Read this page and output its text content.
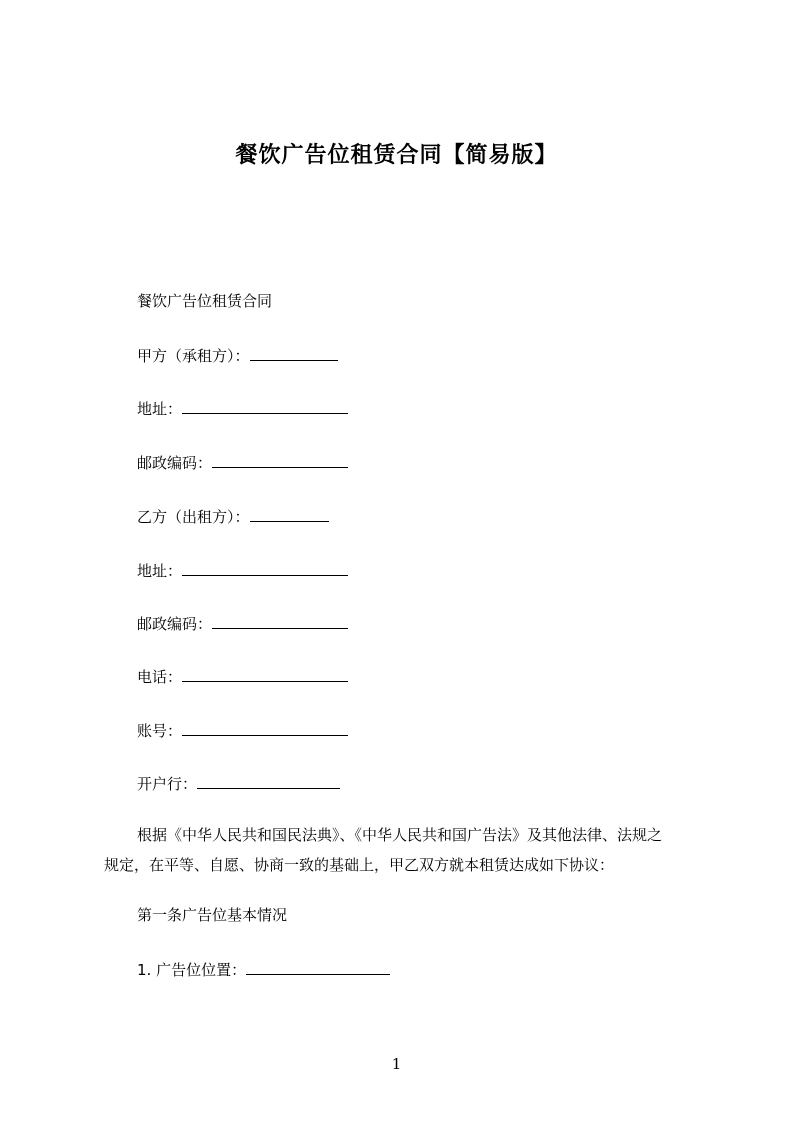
餐饮广告位租赁合同【简易版】
餐饮广告位租赁合同
甲方（承租方）：
地址：
邮政编码：
乙方（出租方）：
地址：
邮政编码：
电话：
账号：
开户行：
根据《中华人民共和国民法典》、《中华人民共和国广告法》及其他法律、法规之
规定，在平等、自愿、协商一致的基础上，甲乙双方就本租赁达成如下协议：
第一条广告位基本情况
1. 广告位位置：
1
